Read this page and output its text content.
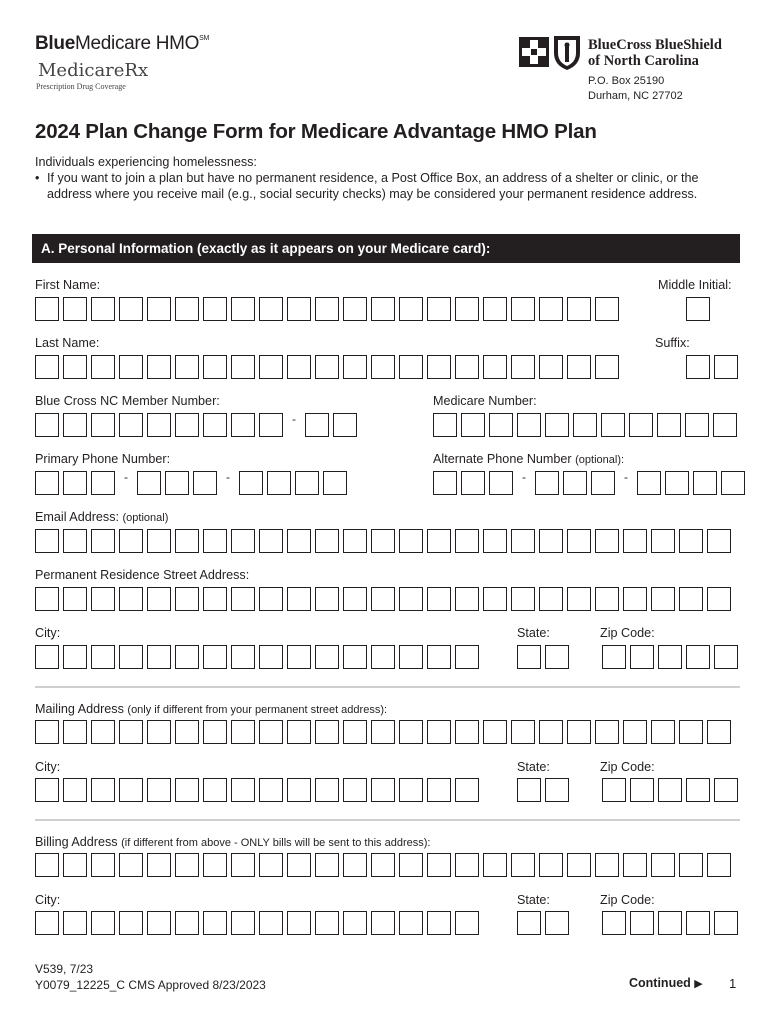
BlueMedicare HMO℠
MedicareRx
Prescription Drug Coverage
BlueCross BlueShield
of North Carolina
P.O. Box 25190
Durham, NC 27702
2024 Plan Change Form for Medicare Advantage HMO Plan
Individuals experiencing homelessness:
• If you want to join a plan but have no permanent residence, a Post Office Box, an address of a shelter or clinic, or the address where you receive mail (e.g., social security checks) may be considered your permanent residence address.
A. Personal Information (exactly as it appears on your Medicare card):
First Name:	Middle Initial:
Last Name:	Suffix:
Blue Cross NC Member Number:	Medicare Number:
-
Primary Phone Number:	Alternate Phone Number (optional):
-	-	-	-
Email Address: (optional)
Permanent Residence Street Address:
City:	State:	Zip Code:
Mailing Address (only if different from your permanent street address):
City:	State:	Zip Code:
Billing Address (if different from above - ONLY bills will be sent to this address):
City:	State:	Zip Code:
V539, 7/23
Y0079_12225_C CMS Approved 8/23/2023	Continued ▶ 1
